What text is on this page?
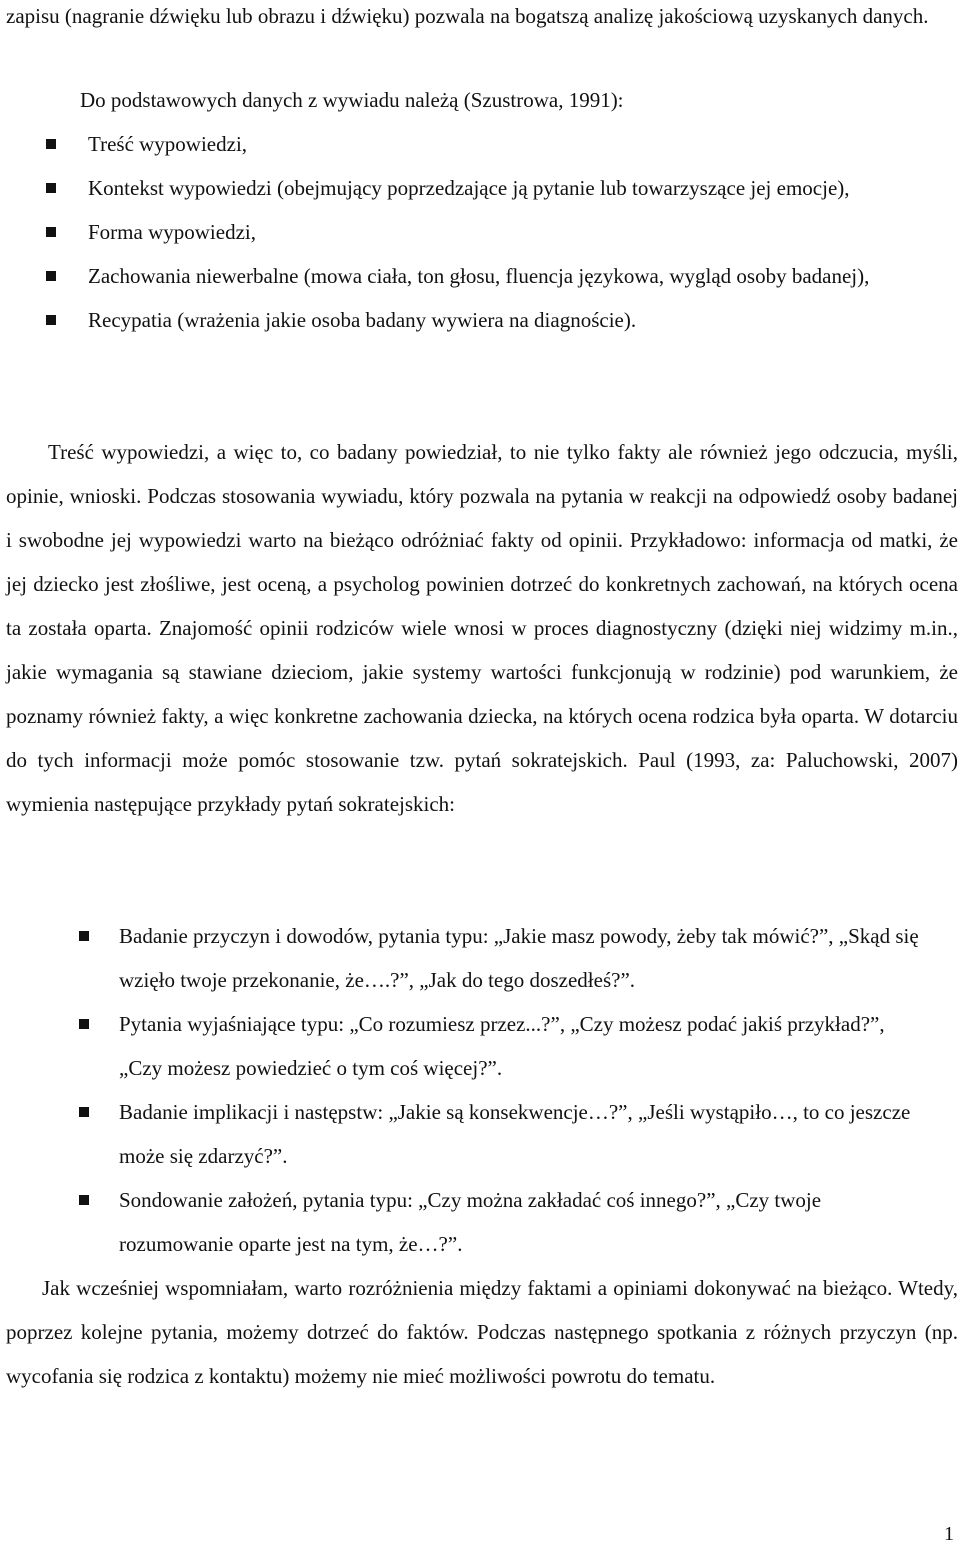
zapisu (nagranie dźwięku lub obrazu i dźwięku) pozwala na bogatszą analizę jakościową uzyskanych danych.

Do podstawowych danych z wywiadu należą (Szustrowa, 1991):

Treść wypowiedzi,
Kontekst wypowiedzi (obejmujący poprzedzające ją pytanie lub towarzyszące jej emocje),
Forma wypowiedzi,
Zachowania niewerbalne (mowa ciała, ton głosu, fluencja językowa, wygląd osoby badanej),
Recypatia (wrażenia jakie osoba badany wywiera na diagnoście).

Treść wypowiedzi, a więc to, co badany powiedział, to nie tylko fakty ale również jego odczucia, myśli, opinie, wnioski. Podczas stosowania wywiadu, który pozwala na pytania w reakcji na odpowiedź osoby badanej i swobodne jej wypowiedzi warto na bieżąco odróżniać fakty od opinii. Przykładowo: informacja od matki, że jej dziecko jest złośliwe, jest oceną, a psycholog powinien dotrzeć do konkretnych zachowań, na których ocena ta została oparta. Znajomość opinii rodziców wiele wnosi w proces diagnostyczny (dzięki niej widzimy m.in., jakie wymagania są stawiane dzieciom, jakie systemy wartości funkcjonują w rodzinie) pod warunkiem, że poznamy również fakty, a więc konkretne zachowania dziecka, na których ocena rodzica była oparta. W dotarciu do tych informacji może pomóc stosowanie tzw. pytań sokratejskich. Paul (1993, za: Paluchowski, 2007) wymienia następujące przykłady pytań sokratejskich:

Badanie przyczyn i dowodów, pytania typu: „Jakie masz powody, żeby tak mówić?”, „Skąd się wzięło twoje przekonanie, że….?”, „Jak do tego doszedłeś?”.
Pytania wyjaśniające typu: „Co rozumiesz przez...?”, „Czy możesz podać jakiś przykład?”, „Czy możesz powiedzieć o tym coś więcej?”.
Badanie implikacji i następstw: „Jakie są konsekwencje…?”, „Jeśli wystąpiło…, to co jeszcze może się zdarzyć?”.
Sondowanie założeń, pytania typu: „Czy można zakładać coś innego?”, „Czy twoje rozumowanie oparte jest na tym, że…?”.

Jak wcześniej wspomniałam, warto rozróżnienia między faktami a opiniami dokonywać na bieżąco. Wtedy, poprzez kolejne pytania, możemy dotrzeć do faktów. Podczas następnego spotkania z różnych przyczyn (np. wycofania się rodzica z kontaktu) możemy nie mieć możliwości powrotu do tematu.

1
